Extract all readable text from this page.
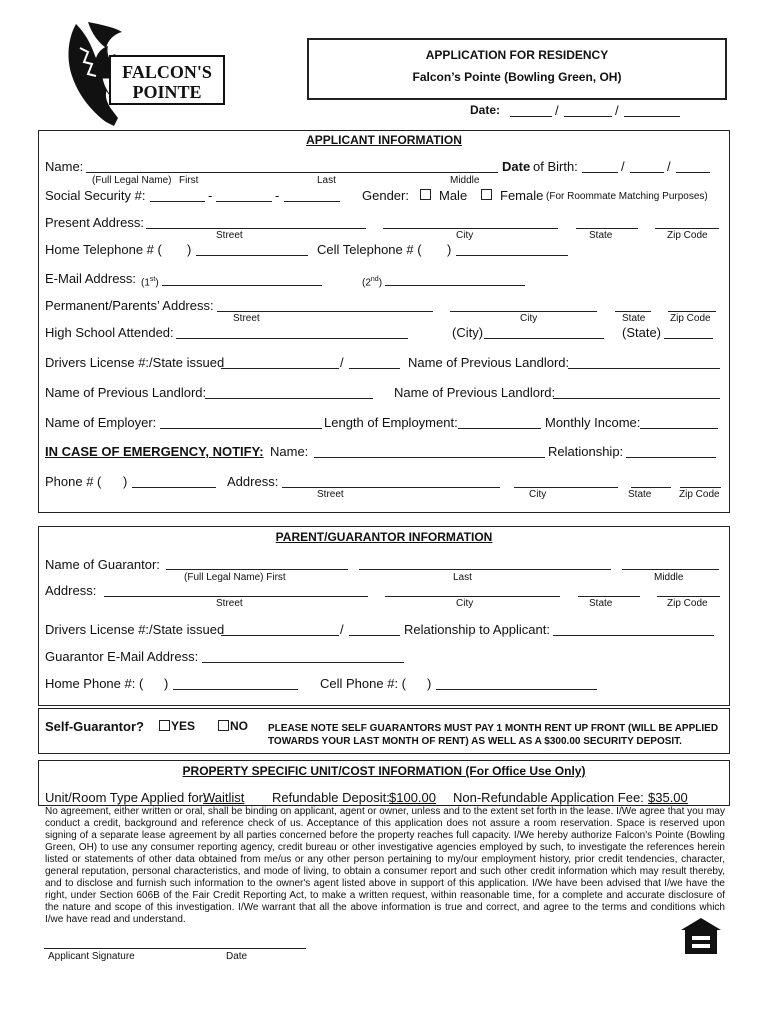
FALCON'S
POINTE
APPLICATION FOR RESIDENCY
Falcon’s Pointe (Bowling Green, OH)
Date:	/	/
APPLICANT INFORMATION
Name:	Date of Birth:	/	/
(Full Legal Name) First	Last	Middle
Social Security #:	-	-	Gender: Male	Female (For Roommate Matching Purposes)
Present Address:
Street	City	State	Zip Code
Home Telephone # ( )	Cell Telephone # ( )
E-Mail Address: (1st)	(2nd)
Permanent/Parents’ Address:
Street	City	State Zip Code
High School Attended:	(City)	(State)
Drivers License #:/State issued	/	Name of Previous Landlord:
Name of Previous Landlord:	Name of Previous Landlord:
Name of Employer:	Length of Employment:	Monthly Income:
IN CASE OF EMERGENCY, NOTIFY: Name:	Relationship:
Phone # ( )	Address:
Street	City	State	Zip Code
PARENT/GUARANTOR INFORMATION
Name of Guarantor:
(Full Legal Name) First	Last	Middle
Address:
Street	City	State	Zip Code
Drivers License #:/State issued	/	Relationship to Applicant:
Guarantor E-Mail Address:
Home Phone #: ( )	Cell Phone #: ( )
Self-Guarantor? YES	NO PLEASE NOTE SELF GUARANTORS MUST PAY 1 MONTH RENT UP FRONT (WILL BE APPLIED
TOWARDS YOUR LAST MONTH OF RENT) AS WELL AS A $300.00 SECURITY DEPOSIT.
PROPERTY SPECIFIC UNIT/COST INFORMATION (For Office Use Only)
Unit/Room Type Applied for:
Waitlist Refundable Deposit: $100.00 Non-Refundable Application Fee: $35.00
No agreement, either written or oral, shall be binding on applicant, agent or owner, unless and to the extent set forth in the lease. I/We agree that you may conduct a credit, background and reference check of us. Acceptance of this application does not assure a room reservation. Space is reserved upon signing of a separate lease agreement by all parties concerned before the property reaches full capacity. I/We hereby authorize Falcon's Pointe (Bowling Green, OH) to use any consumer reporting agency, credit bureau or other investigative agencies employed by such, to investigate the references herein listed or statements of other data obtained from me/us or any other person pertaining to my/our employment history, prior credit tendencies, character, general reputation, personal characteristics, and mode of living, to obtain a consumer report and such other credit information which may result thereby, and to disclose and furnish such information to the owner's agent listed above in support of this application. I/We have been advised that I/we have the right, under Section 606B of the Fair Credit Reporting Act, to make a written request, within reasonable time, for a complete and accurate disclosure of the nature and scope of this investigation. I/We warrant that all the above information is true and correct, and agree to the terms and conditions which I/we have read and understand.
Applicant Signature	Date
